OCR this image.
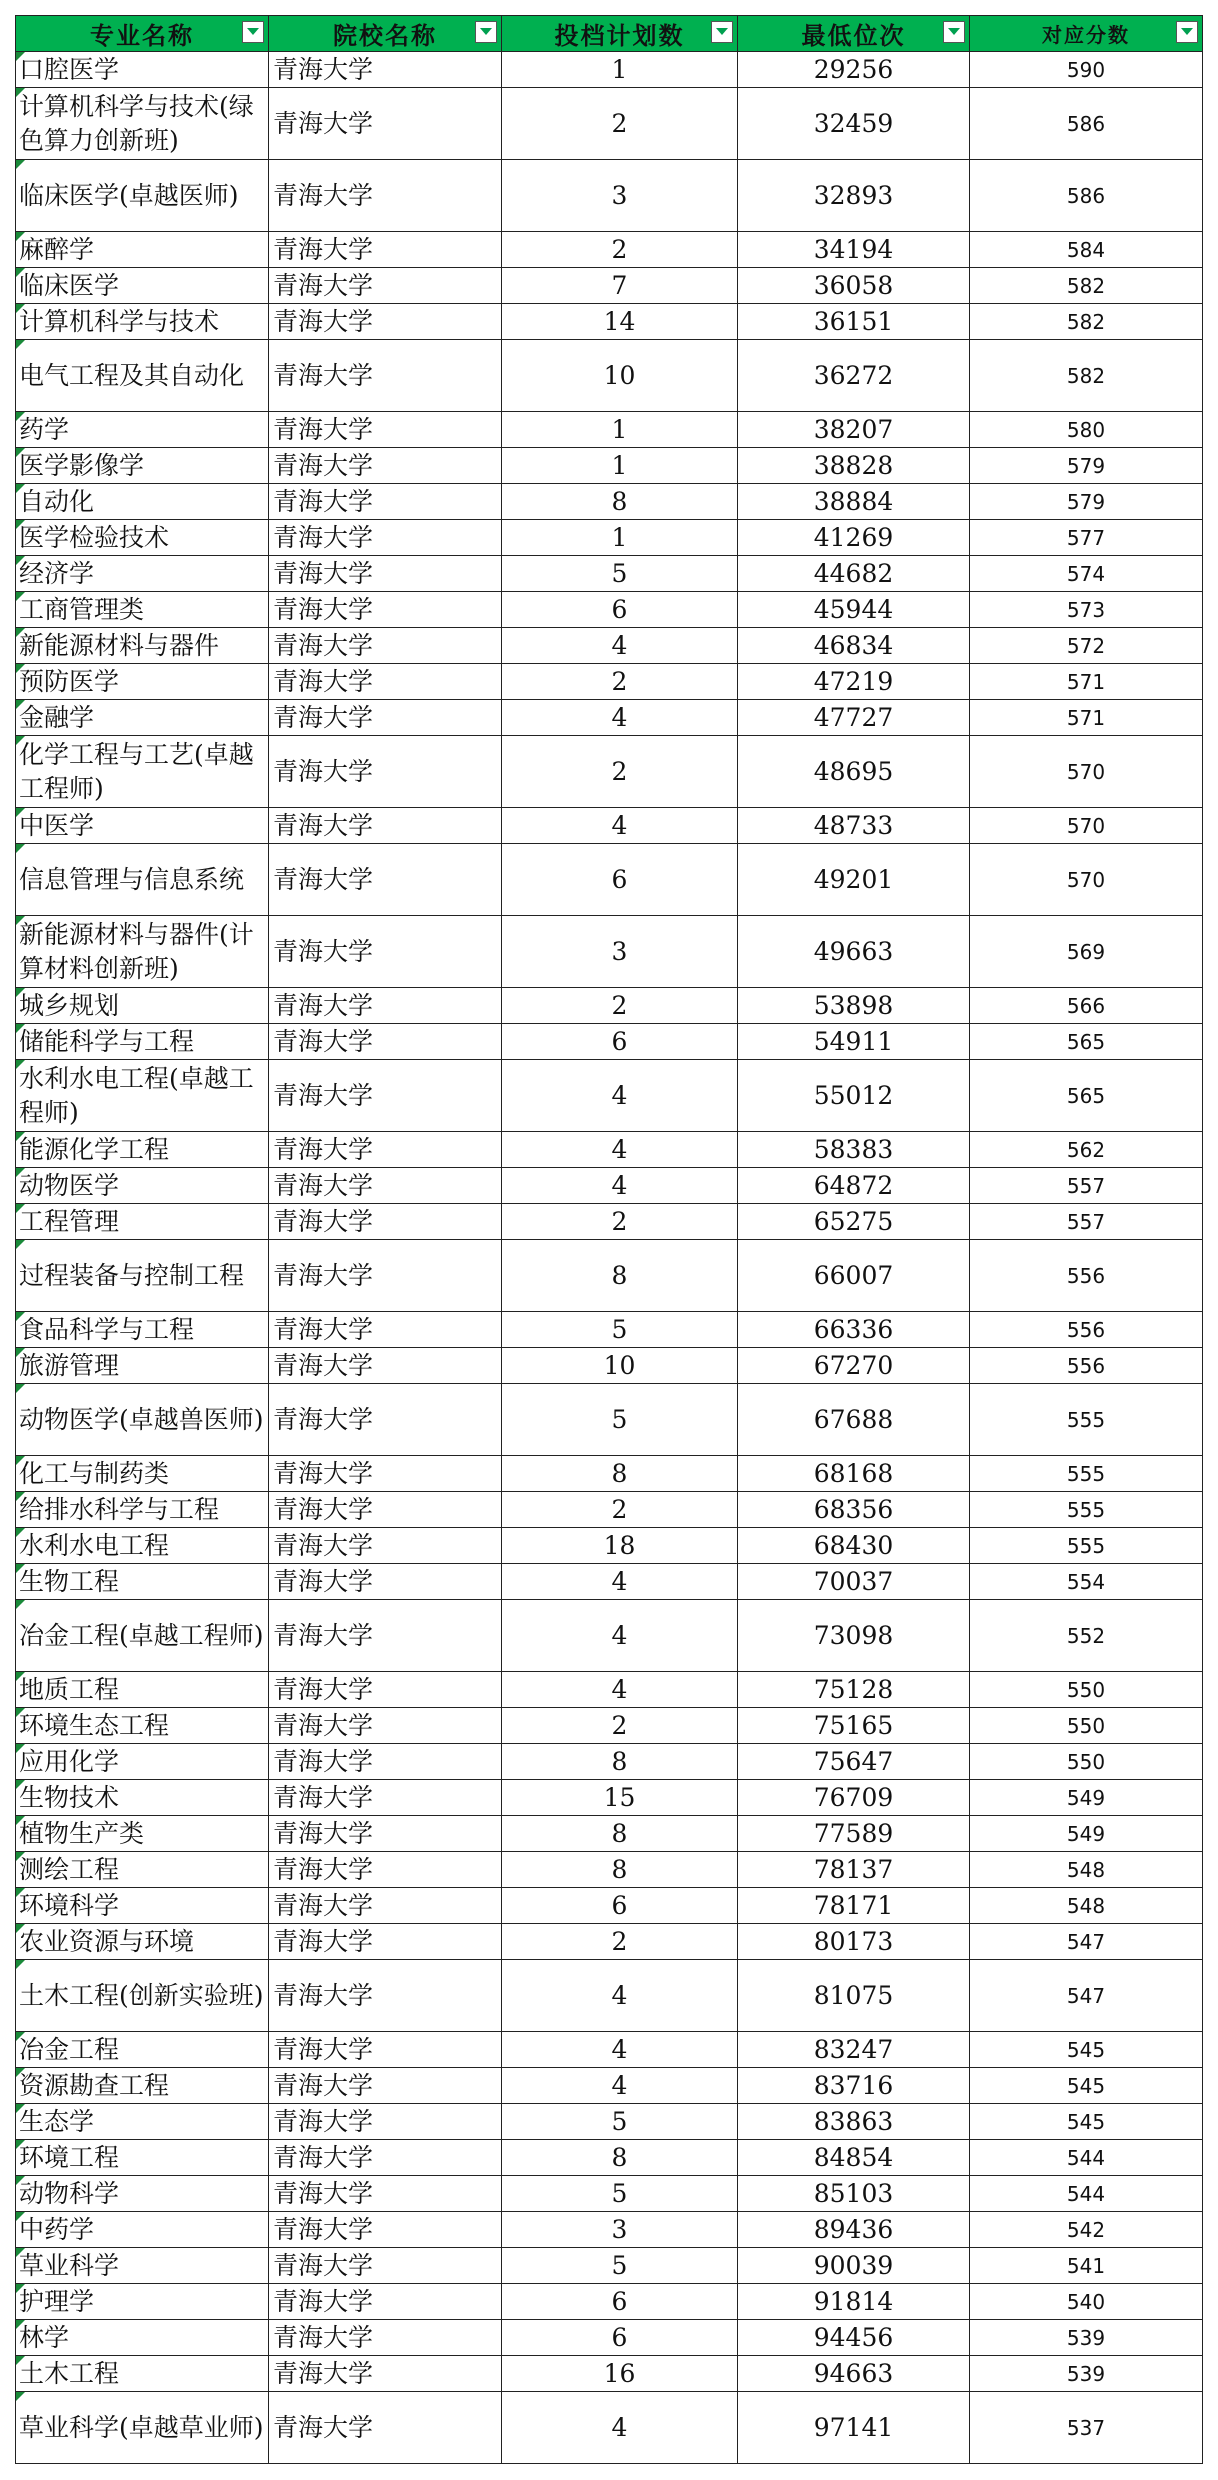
专业名称	院校名称	投档计划数	最低位次	对应分数

口腔医学	青海大学	1	29256	590

计算机科学与技术(绿色算力创新班)	青海大学	2	32459	586

临床医学(卓越医师)	青海大学	3	32893	586

麻醉学	青海大学	2	34194	584

临床医学	青海大学	7	36058	582

计算机科学与技术	青海大学	14	36151	582

电气工程及其自动化	青海大学	10	36272	582

药学	青海大学	1	38207	580

医学影像学	青海大学	1	38828	579

自动化	青海大学	8	38884	579

医学检验技术	青海大学	1	41269	577

经济学	青海大学	5	44682	574

工商管理类	青海大学	6	45944	573

新能源材料与器件	青海大学	4	46834	572

预防医学	青海大学	2	47219	571

金融学	青海大学	4	47727	571

化学工程与工艺(卓越工程师)	青海大学	2	48695	570

中医学	青海大学	4	48733	570

信息管理与信息系统	青海大学	6	49201	570

新能源材料与器件(计算材料创新班)	青海大学	3	49663	569

城乡规划	青海大学	2	53898	566

储能科学与工程	青海大学	6	54911	565

水利水电工程(卓越工程师)	青海大学	4	55012	565

能源化学工程	青海大学	4	58383	562

动物医学	青海大学	4	64872	557

工程管理	青海大学	2	65275	557

过程装备与控制工程	青海大学	8	66007	556

食品科学与工程	青海大学	5	66336	556

旅游管理	青海大学	10	67270	556

动物医学(卓越兽医师)	青海大学	5	67688	555

化工与制药类	青海大学	8	68168	555

给排水科学与工程	青海大学	2	68356	555

水利水电工程	青海大学	18	68430	555

生物工程	青海大学	4	70037	554

冶金工程(卓越工程师)	青海大学	4	73098	552

地质工程	青海大学	4	75128	550

环境生态工程	青海大学	2	75165	550

应用化学	青海大学	8	75647	550

生物技术	青海大学	15	76709	549

植物生产类	青海大学	8	77589	549

测绘工程	青海大学	8	78137	548

环境科学	青海大学	6	78171	548

农业资源与环境	青海大学	2	80173	547

土木工程(创新实验班)	青海大学	4	81075	547

冶金工程	青海大学	4	83247	545

资源勘查工程	青海大学	4	83716	545

生态学	青海大学	5	83863	545

环境工程	青海大学	8	84854	544

动物科学	青海大学	5	85103	544

中药学	青海大学	3	89436	542

草业科学	青海大学	5	90039	541

护理学	青海大学	6	91814	540

林学	青海大学	6	94456	539

土木工程	青海大学	16	94663	539

草业科学(卓越草业师)	青海大学	4	97141	537
